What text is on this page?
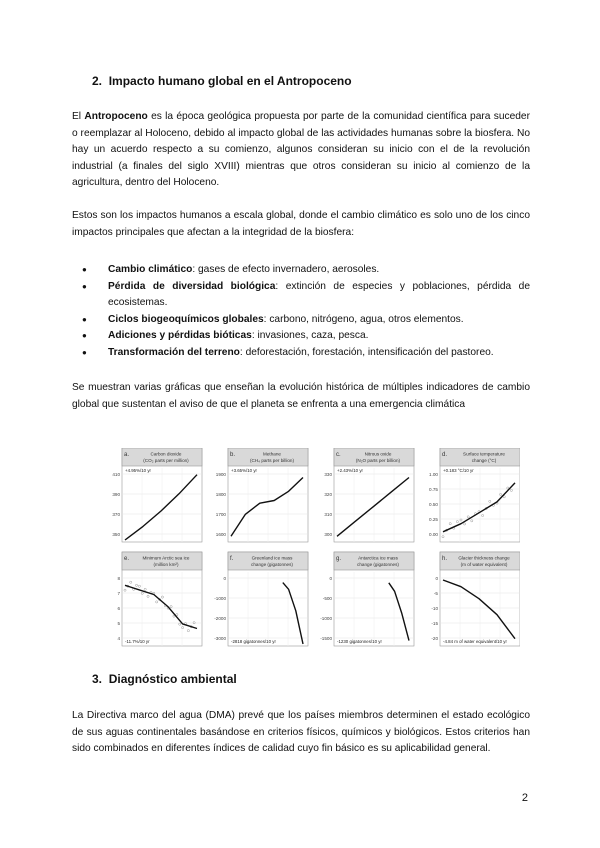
2. Impacto humano global en el Antropoceno

El Antropoceno es la época geológica propuesta por parte de la comunidad científica para suceder o reemplazar al Holoceno, debido al impacto global de las actividades humanas sobre la biosfera. No hay un acuerdo respecto a su comienzo, algunos consideran su inicio con el de la revolución industrial (a finales del siglo XVIII) mientras que otros consideran su inicio al comienzo de la agricultura, dentro del Holoceno.

Estos son los impactos humanos a escala global, donde el cambio climático es solo uno de los cinco impactos principales que afectan a la integridad de la biosfera:

● Cambio climático: gases de efecto invernadero, aerosoles.
● Pérdida de diversidad biológica: extinción de especies y poblaciones, pérdida de ecosistemas.
● Ciclos biogeoquímicos globales: carbono, nitrógeno, agua, otros elementos.
● Adiciones y pérdidas bióticas: invasiones, caza, pesca.
● Transformación del terreno: deforestación, forestación, intensificación del pastoreo.

Se muestran varias gráficas que enseñan la evolución histórica de múltiples indicadores de cambio global que sustentan el aviso de que el planeta se enfrenta a una emergencia climática

a.	Carbon dioxide
(CO₂ parts per million)
410
390
370
350
+4.95%/10 yr
b.	Methane
(CH₄ parts per billion)
1900
1800
1700
1600
+3.65%/10 yr
c.	Nitrous oxide
(N₂O parts per billion)
330
320
310
300
+2.43%/10 yr
d.	Surface temperature
change (°C)
1.00
0.75
0.50
0.25
0.00
+0.183 °C/10 yr
e.	Minimum Arctic sea ice
(million km²)
8
7
6
5
4
-11.7%/10 yr
f.	Greenland ice mass
change (gigatonnes)
0
-1000
-2000
-3000
-2818 gigatonnes/10 yr
g.	Antarctica ice mass
change (gigatonnes)
0
-500
-1000
-1500
-1230 gigatonnes/10 yr
h. Glacier thickness change
(m of water equivalent)
0
-5
-10
-15
-20
-4.84 m of water equivalent/10 yr
3. Diagnóstico ambiental

La Directiva marco del agua (DMA) prevé que los países miembros determinen el estado ecológico de sus aguas continentales basándose en criterios físicos, químicos y biológicos. Estos criterios han sido combinados en diferentes índices de calidad cuyo fin básico es su aplicabilidad general.

2
